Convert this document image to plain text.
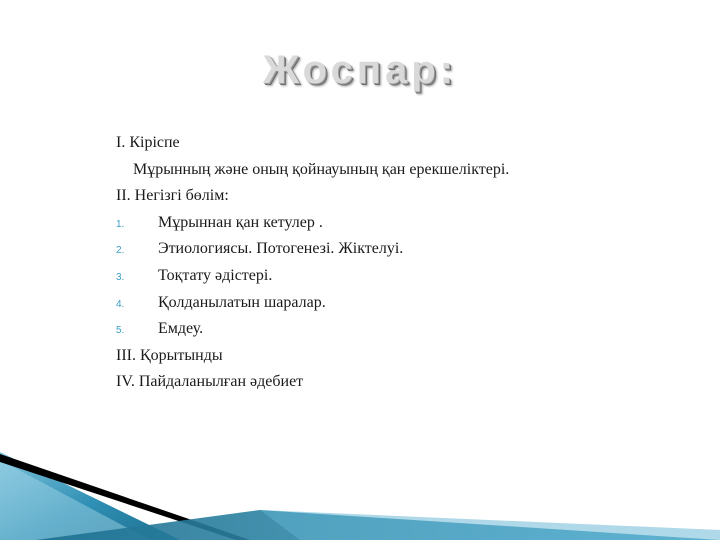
Жоспар:
I. Кіріспе
Мұрынның және оның қойнауының қан ерекшеліктері.
II. Негізгі бөлім:
1. Мұрыннан қан кетулер .
2. Этиологиясы. Потогенезі. Жіктелуі.
3. Тоқтату әдістері.
4. Қолданылатын шаралар.
5. Емдеу.
III. Қорытынды
IV. Пайдаланылған әдебиет
